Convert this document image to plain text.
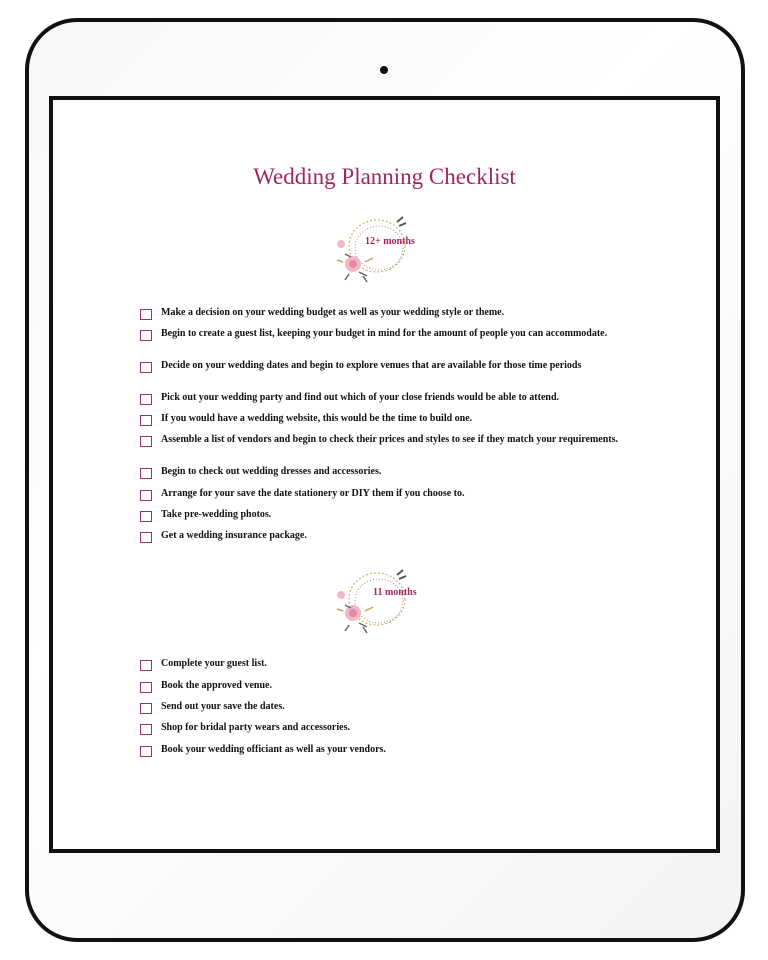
Wedding Planning Checklist
12+ months
Make a decision on your wedding budget as well as your wedding style or theme.
Begin to create a guest list, keeping your budget in mind for the amount of people you can accommodate.
Decide on your wedding dates and begin to explore venues that are available for those time periods
Pick out your wedding party and find out which of your close friends would be able to attend.
If you would have a wedding website, this would be the time to build one.
Assemble a list of vendors and begin to check their prices and styles to see if they match your requirements.
Begin to check out wedding dresses and accessories.
Arrange for your save the date stationery or DIY them if you choose to.
Take pre-wedding photos.
Get a wedding insurance package.
11 months
Complete your guest list.
Book the approved venue.
Send out your save the dates.
Shop for bridal party wears and accessories.
Book your wedding officiant as well as your vendors.
